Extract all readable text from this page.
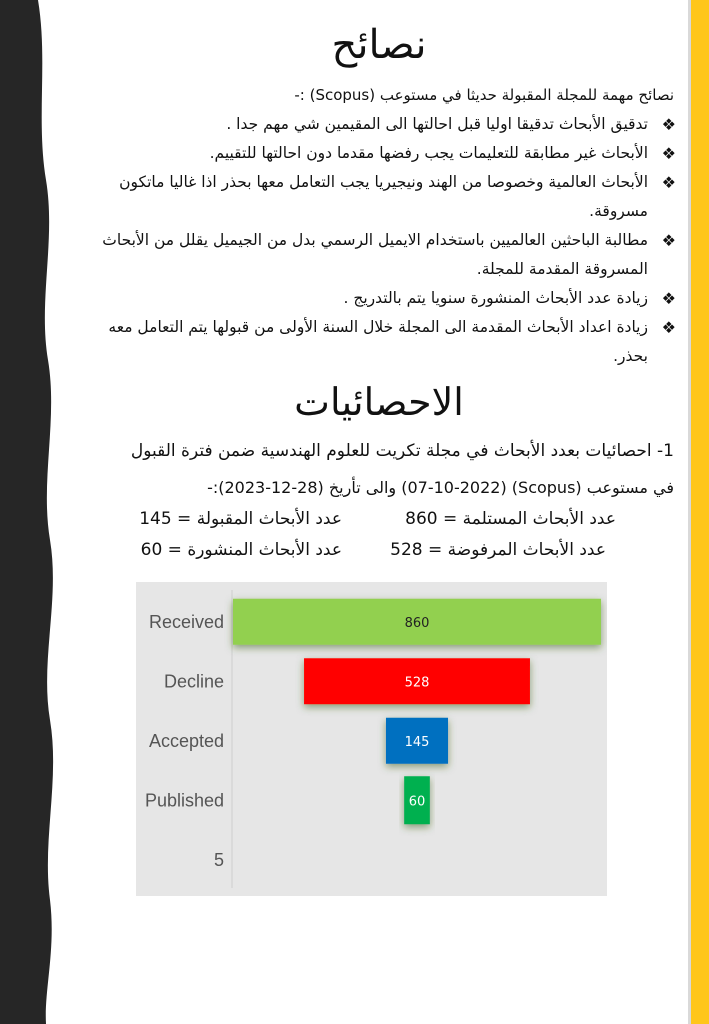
نصائح
نصائح مهمة للمجلة المقبولة حديثا في مستوعب (Scopus) :-
❖
تدقيق الأبحاث تدقيقا اوليا قبل احالتها الى المقيمين شي مهم جدا .
❖
الأبحاث غير مطابقة للتعليمات يجب رفضها مقدما دون احالتها للتقييم.
❖
الأبحاث العالمية وخصوصا من الهند ونيجيريا يجب التعامل معها بحذر اذا غاليا ماتكون مسروقة.
❖
مطالبة الباحثين العالميين باستخدام الايميل الرسمي بدل من الجيميل يقلل من الأبحاث المسروقة المقدمة للمجلة.
❖
زيادة عدد الأبحاث المنشورة سنويا يتم بالتدريج .
❖
زيادة اعداد الأبحاث المقدمة الى المجلة خلال السنة الأولى من قبولها يتم التعامل معه بحذر.
الاحصائيات
1- احصائيات بعدد الأبحاث في مجلة تكريت للعلوم الهندسية ضمن فترة القبول
في مستوعب (Scopus) (07-10-2022) والى تأريخ (28-12-2023):-
عدد الأبحاث المستلمة = 860
عدد الأبحاث المقبولة = 145
عدد الأبحاث المرفوضة = 528
عدد الأبحاث المنشورة = 60
Received	860
Decline	528
Accepted	145
Published	60
5
